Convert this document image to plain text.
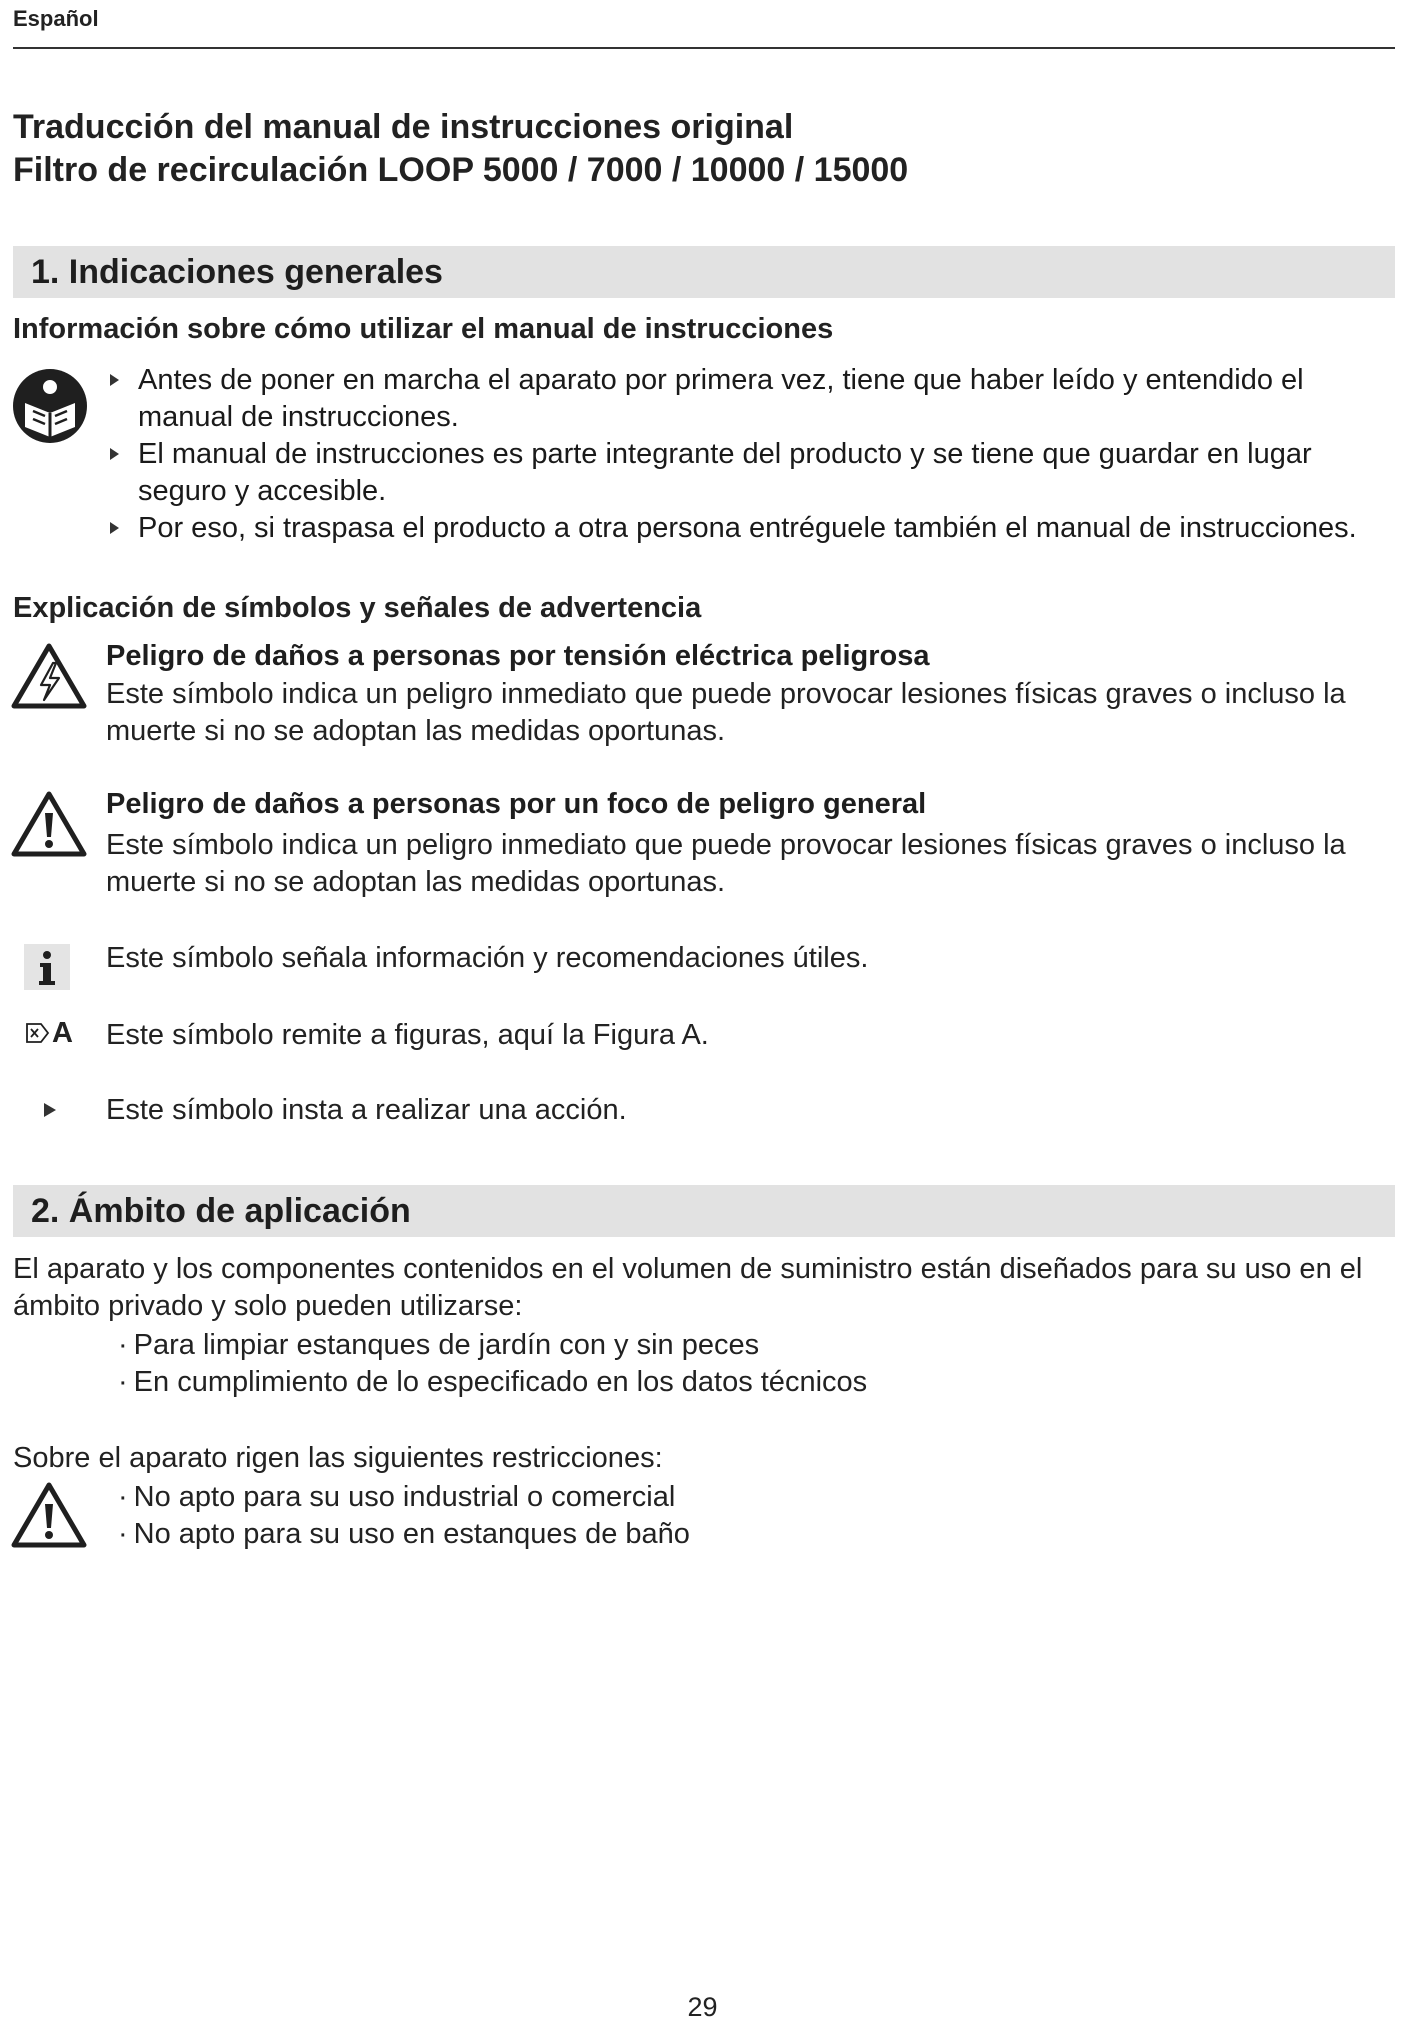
Español
Traducción del manual de instrucciones original
Filtro de recirculación LOOP 5000 / 7000 / 10000 / 15000
1. Indicaciones generales
Información sobre cómo utilizar el manual de instrucciones
Antes de poner en marcha el aparato por primera vez, tiene que haber leído y entendido el manual de instrucciones.
El manual de instrucciones es parte integrante del producto y se tiene que guardar en lugar seguro y accesible.
Por eso, si traspasa el producto a otra persona entréguele también el manual de instrucciones.
Explicación de símbolos y señales de advertencia
Peligro de daños a personas por tensión eléctrica peligrosa
Este símbolo indica un peligro inmediato que puede provocar lesiones físicas graves o incluso la muerte si no se adoptan las medidas oportunas.
Peligro de daños a personas por un foco de peligro general
Este símbolo indica un peligro inmediato que puede provocar lesiones físicas graves o incluso la muerte si no se adoptan las medidas oportunas.
Este símbolo señala información y recomendaciones útiles.
A Este símbolo remite a figuras, aquí la Figura A.
Este símbolo insta a realizar una acción.
2. Ámbito de aplicación
El aparato y los componentes contenidos en el volumen de suministro están diseñados para su uso en el ámbito privado y solo pueden utilizarse:
· Para limpiar estanques de jardín con y sin peces
· En cumplimiento de lo especificado en los datos técnicos
Sobre el aparato rigen las siguientes restricciones:
· No apto para su uso industrial o comercial
· No apto para su uso en estanques de baño
29
